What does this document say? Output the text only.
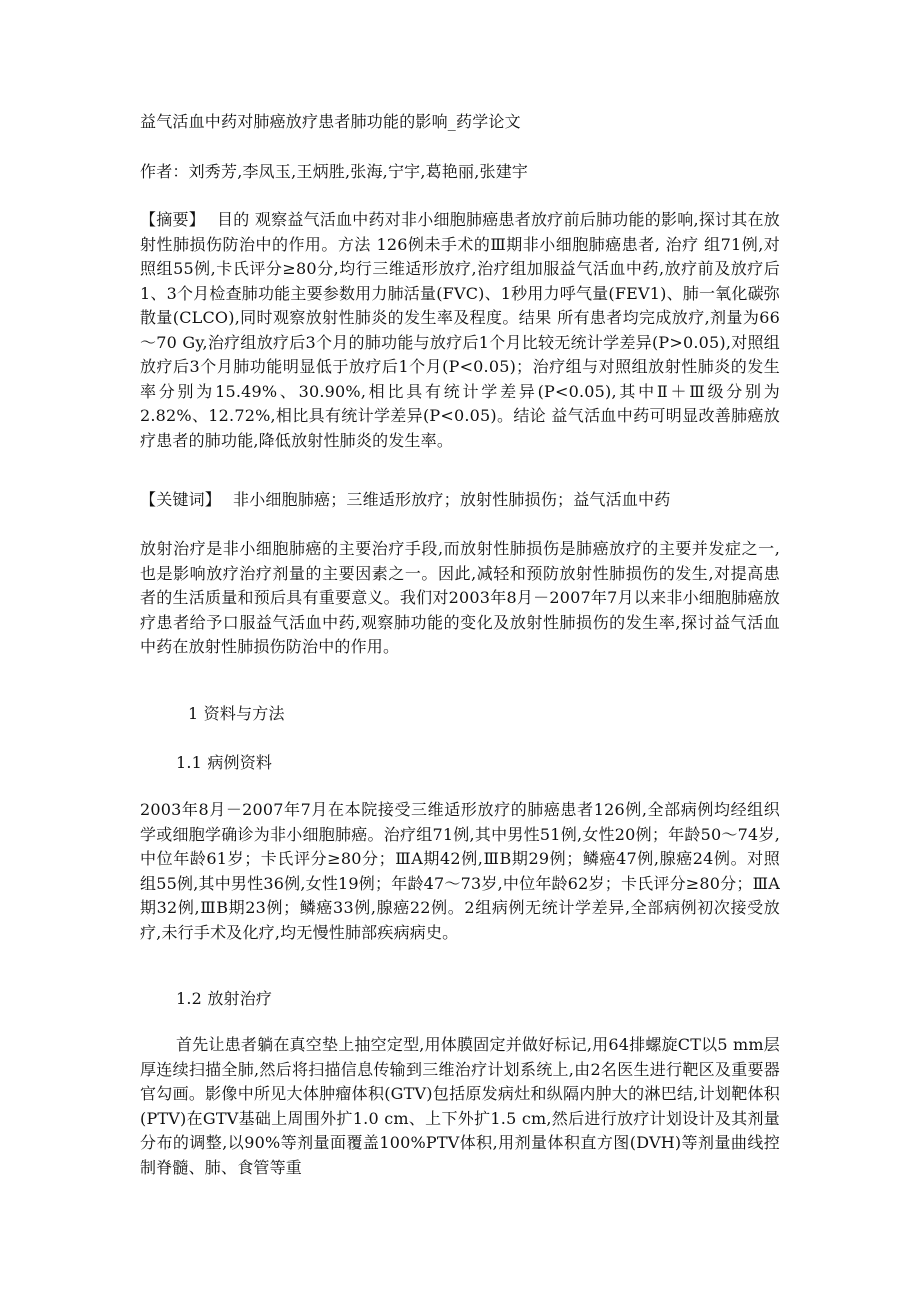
益气活血中药对肺癌放疗患者肺功能的影响_药学论文

作者：刘秀芳,李凤玉,王炳胜,张海,宁宇,葛艳丽,张建宇

【摘要】 目的 观察益气活血中药对非小细胞肺癌患者放疗前后肺功能的影响,探讨其在放射性肺损伤防治中的作用。方法 126例未手术的Ⅲ期非小细胞肺癌患者, 治疗 组71例,对照组55例,卡氏评分≥80分,均行三维适形放疗,治疗组加服益气活血中药,放疗前及放疗后1、3个月检查肺功能主要参数用力肺活量(FVC)、1秒用力呼气量(FEV1)、肺一氧化碳弥散量(CLCO),同时观察放射性肺炎的发生率及程度。结果 所有患者均完成放疗,剂量为66～70 Gy,治疗组放疗后3个月的肺功能与放疗后1个月比较无统计学差异(P>0.05),对照组放疗后3个月肺功能明显低于放疗后1个月(P<0.05)；治疗组与对照组放射性肺炎的发生率分别为15.49%、30.90%,相比具有统计学差异(P<0.05),其中Ⅱ＋Ⅲ级分别为2.82%、12.72%,相比具有统计学差异(P<0.05)。结论 益气活血中药可明显改善肺癌放疗患者的肺功能,降低放射性肺炎的发生率。

【关键词】 非小细胞肺癌；三维适形放疗；放射性肺损伤；益气活血中药

放射治疗是非小细胞肺癌的主要治疗手段,而放射性肺损伤是肺癌放疗的主要并发症之一,也是影响放疗治疗剂量的主要因素之一。因此,减轻和预防放射性肺损伤的发生,对提高患者的生活质量和预后具有重要意义。我们对2003年8月－2007年7月以来非小细胞肺癌放疗患者给予口服益气活血中药,观察肺功能的变化及放射性肺损伤的发生率,探讨益气活血中药在放射性肺损伤防治中的作用。

1 资料与方法

1.1 病例资料

2003年8月－2007年7月在本院接受三维适形放疗的肺癌患者126例,全部病例均经组织学或细胞学确诊为非小细胞肺癌。治疗组71例,其中男性51例,女性20例；年龄50～74岁,中位年龄61岁；卡氏评分≥80分；ⅢA期42例,ⅢB期29例；鳞癌47例,腺癌24例。对照组55例,其中男性36例,女性19例；年龄47～73岁,中位年龄62岁；卡氏评分≥80分；ⅢA期32例,ⅢB期23例；鳞癌33例,腺癌22例。2组病例无统计学差异,全部病例初次接受放疗,未行手术及化疗,均无慢性肺部疾病病史。

1.2 放射治疗

首先让患者躺在真空垫上抽空定型,用体膜固定并做好标记,用64排螺旋CT以5 mm层厚连续扫描全肺,然后将扫描信息传输到三维治疗计划系统上,由2名医生进行靶区及重要器官勾画。影像中所见大体肿瘤体积(GTV)包括原发病灶和纵隔内肿大的淋巴结,计划靶体积(PTV)在GTV基础上周围外扩1.0 cm、上下外扩1.5 cm,然后进行放疗计划设计及其剂量分布的调整,以90%等剂量面覆盖100%PTV体积,用剂量体积直方图(DVH)等剂量曲线控制脊髓、肺、食管等重
